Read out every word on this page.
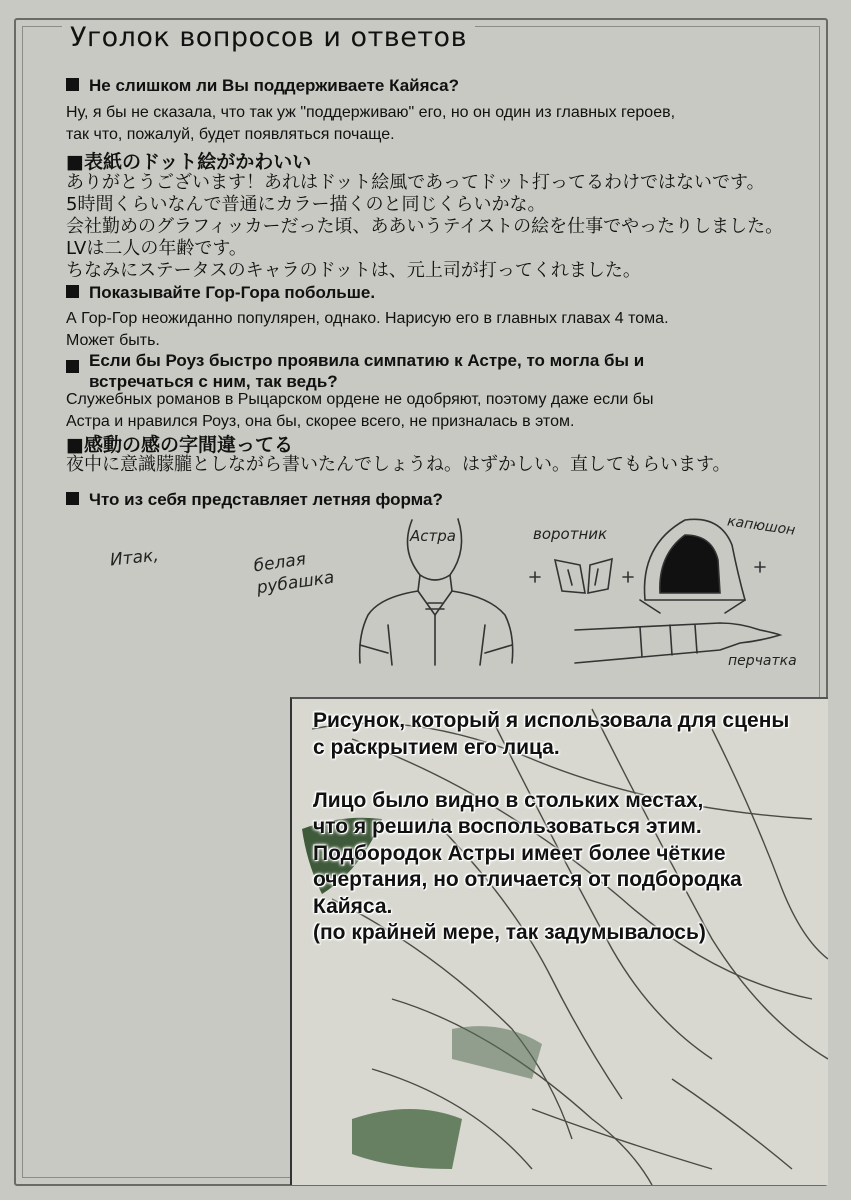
Уголок вопросов и ответов
Не слишком ли Вы поддерживаете Кайяса?
Ну, я бы не сказала, что так уж "поддерживаю" его, но он один из главных героев,
так что, пожалуй, будет появляться почаще.
■表紙のドット絵がかわいい
ありがとうございます！あれはドット絵風であってドット打ってるわけではないです。
5時間くらいなんで普通にカラー描くのと同じくらいかな。
会社勤めのグラフィッカーだった頃、ああいうテイストの絵を仕事でやったりしました。
LVは二人の年齢です。
ちなみにステータスのキャラのドットは、元上司が打ってくれました。
Показывайте Гор-Гора побольше.
А Гор-Гор неожиданно популярен, однако. Нарисую его в главных главах 4 тома.
Может быть.
Если бы Роуз быстро проявила симпатию к Астре, то могла бы и
встречаться с ним, так ведь?
Служебных романов в Рыцарском ордене не одобряют, поэтому даже если бы
Астра и нравился Роуз, она бы, скорее всего, не призналась в этом.
■感動の感の字間違ってる
夜中に意識朦朧としながら書いたんでしょうね。はずかしい。直してもらいます。
Что из себя представляет летняя форма?
Итак,	белая
рубашка
Астра	воротник	капюшон
перчатка
Рисунок, который я использовала для сцены
с раскрытием его лица.

Лицо было видно в стольких местах,
что я решила воспользоваться этим.
Подбородок Астры имеет более чёткие
очертания, но отличается от подбородка
Кайяса.
(по крайней мере, так задумывалось)
